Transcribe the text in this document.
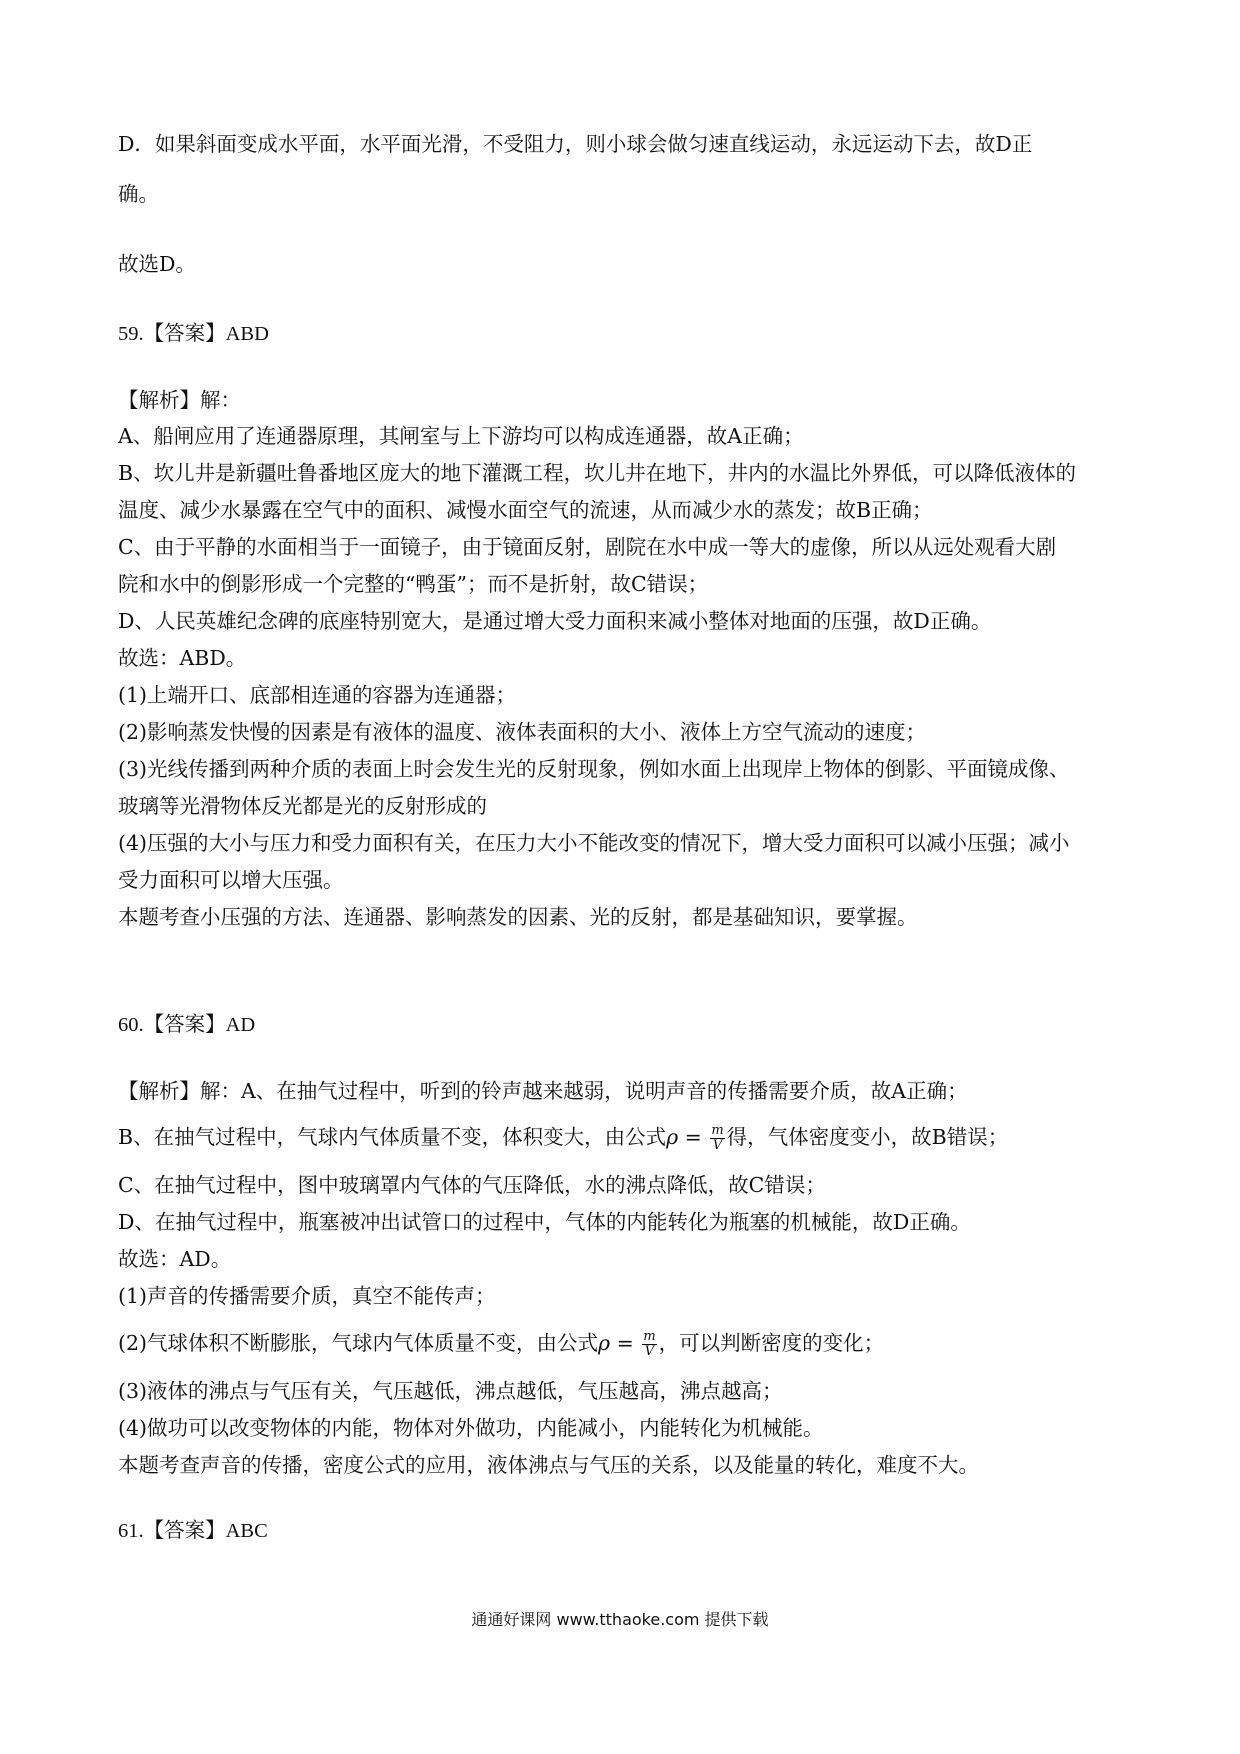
D．如果斜面变成水平面，水平面光滑，不受阻力，则小球会做匀速直线运动，永远运动下去，故D正
确。
故选D。
59.【答案】ABD
【解析】解：
A、船闸应用了连通器原理，其闸室与上下游均可以构成连通器，故A正确；
B、坎儿井是新疆吐鲁番地区庞大的地下灌溉工程，坎儿井在地下，井内的水温比外界低，可以降低液体的
温度、减少水暴露在空气中的面积、减慢水面空气的流速，从而减少水的蒸发；故B正确；
C、由于平静的水面相当于一面镜子，由于镜面反射，剧院在水中成一等大的虚像，所以从远处观看大剧
院和水中的倒影形成一个完整的“鸭蛋”；而不是折射，故C错误；
D、人民英雄纪念碑的底座特别宽大，是通过增大受力面积来减小整体对地面的压强，故D正确。
故选：ABD。
(1)上端开口、底部相连通的容器为连通器；
(2)影响蒸发快慢的因素是有液体的温度、液体表面积的大小、液体上方空气流动的速度；
(3)光线传播到两种介质的表面上时会发生光的反射现象，例如水面上出现岸上物体的倒影、平面镜成像、
玻璃等光滑物体反光都是光的反射形成的
(4)压强的大小与压力和受力面积有关，在压力大小不能改变的情况下，增大受力面积可以减小压强；减小
受力面积可以增大压强。
本题考查小压强的方法、连通器、影响蒸发的因素、光的反射，都是基础知识，要掌握。
60.【答案】AD
【解析】解：A、在抽气过程中，听到的铃声越来越弱，说明声音的传播需要介质，故A正确；
B、在抽气过程中，气球内气体质量不变，体积变大，由公式$\rho = \frac{m}{V}$ 得，气体密度变小，故B错误；
C、在抽气过程中，图中玻璃罩内气体的气压降低，水的沸点降低，故C错误；
D、在抽气过程中，瓶塞被冲出试管口的过程中，气体的内能转化为瓶塞的机械能，故D正确。
故选：AD。
(1)声音的传播需要介质，真空不能传声；
(2)气球体积不断膨胀，气球内气体质量不变，由公式$\rho = \frac{m}{V}$ ，可以判断密度的变化；
(3)液体的沸点与气压有关，气压越低，沸点越低，气压越高，沸点越高；
(4)做功可以改变物体的内能，物体对外做功，内能减小，内能转化为机械能。
本题考查声音的传播，密度公式的应用，液体沸点与气压的关系，以及能量的转化，难度不大。
61.【答案】ABC
通通好课网 www.tthaoke.com 提供下载
